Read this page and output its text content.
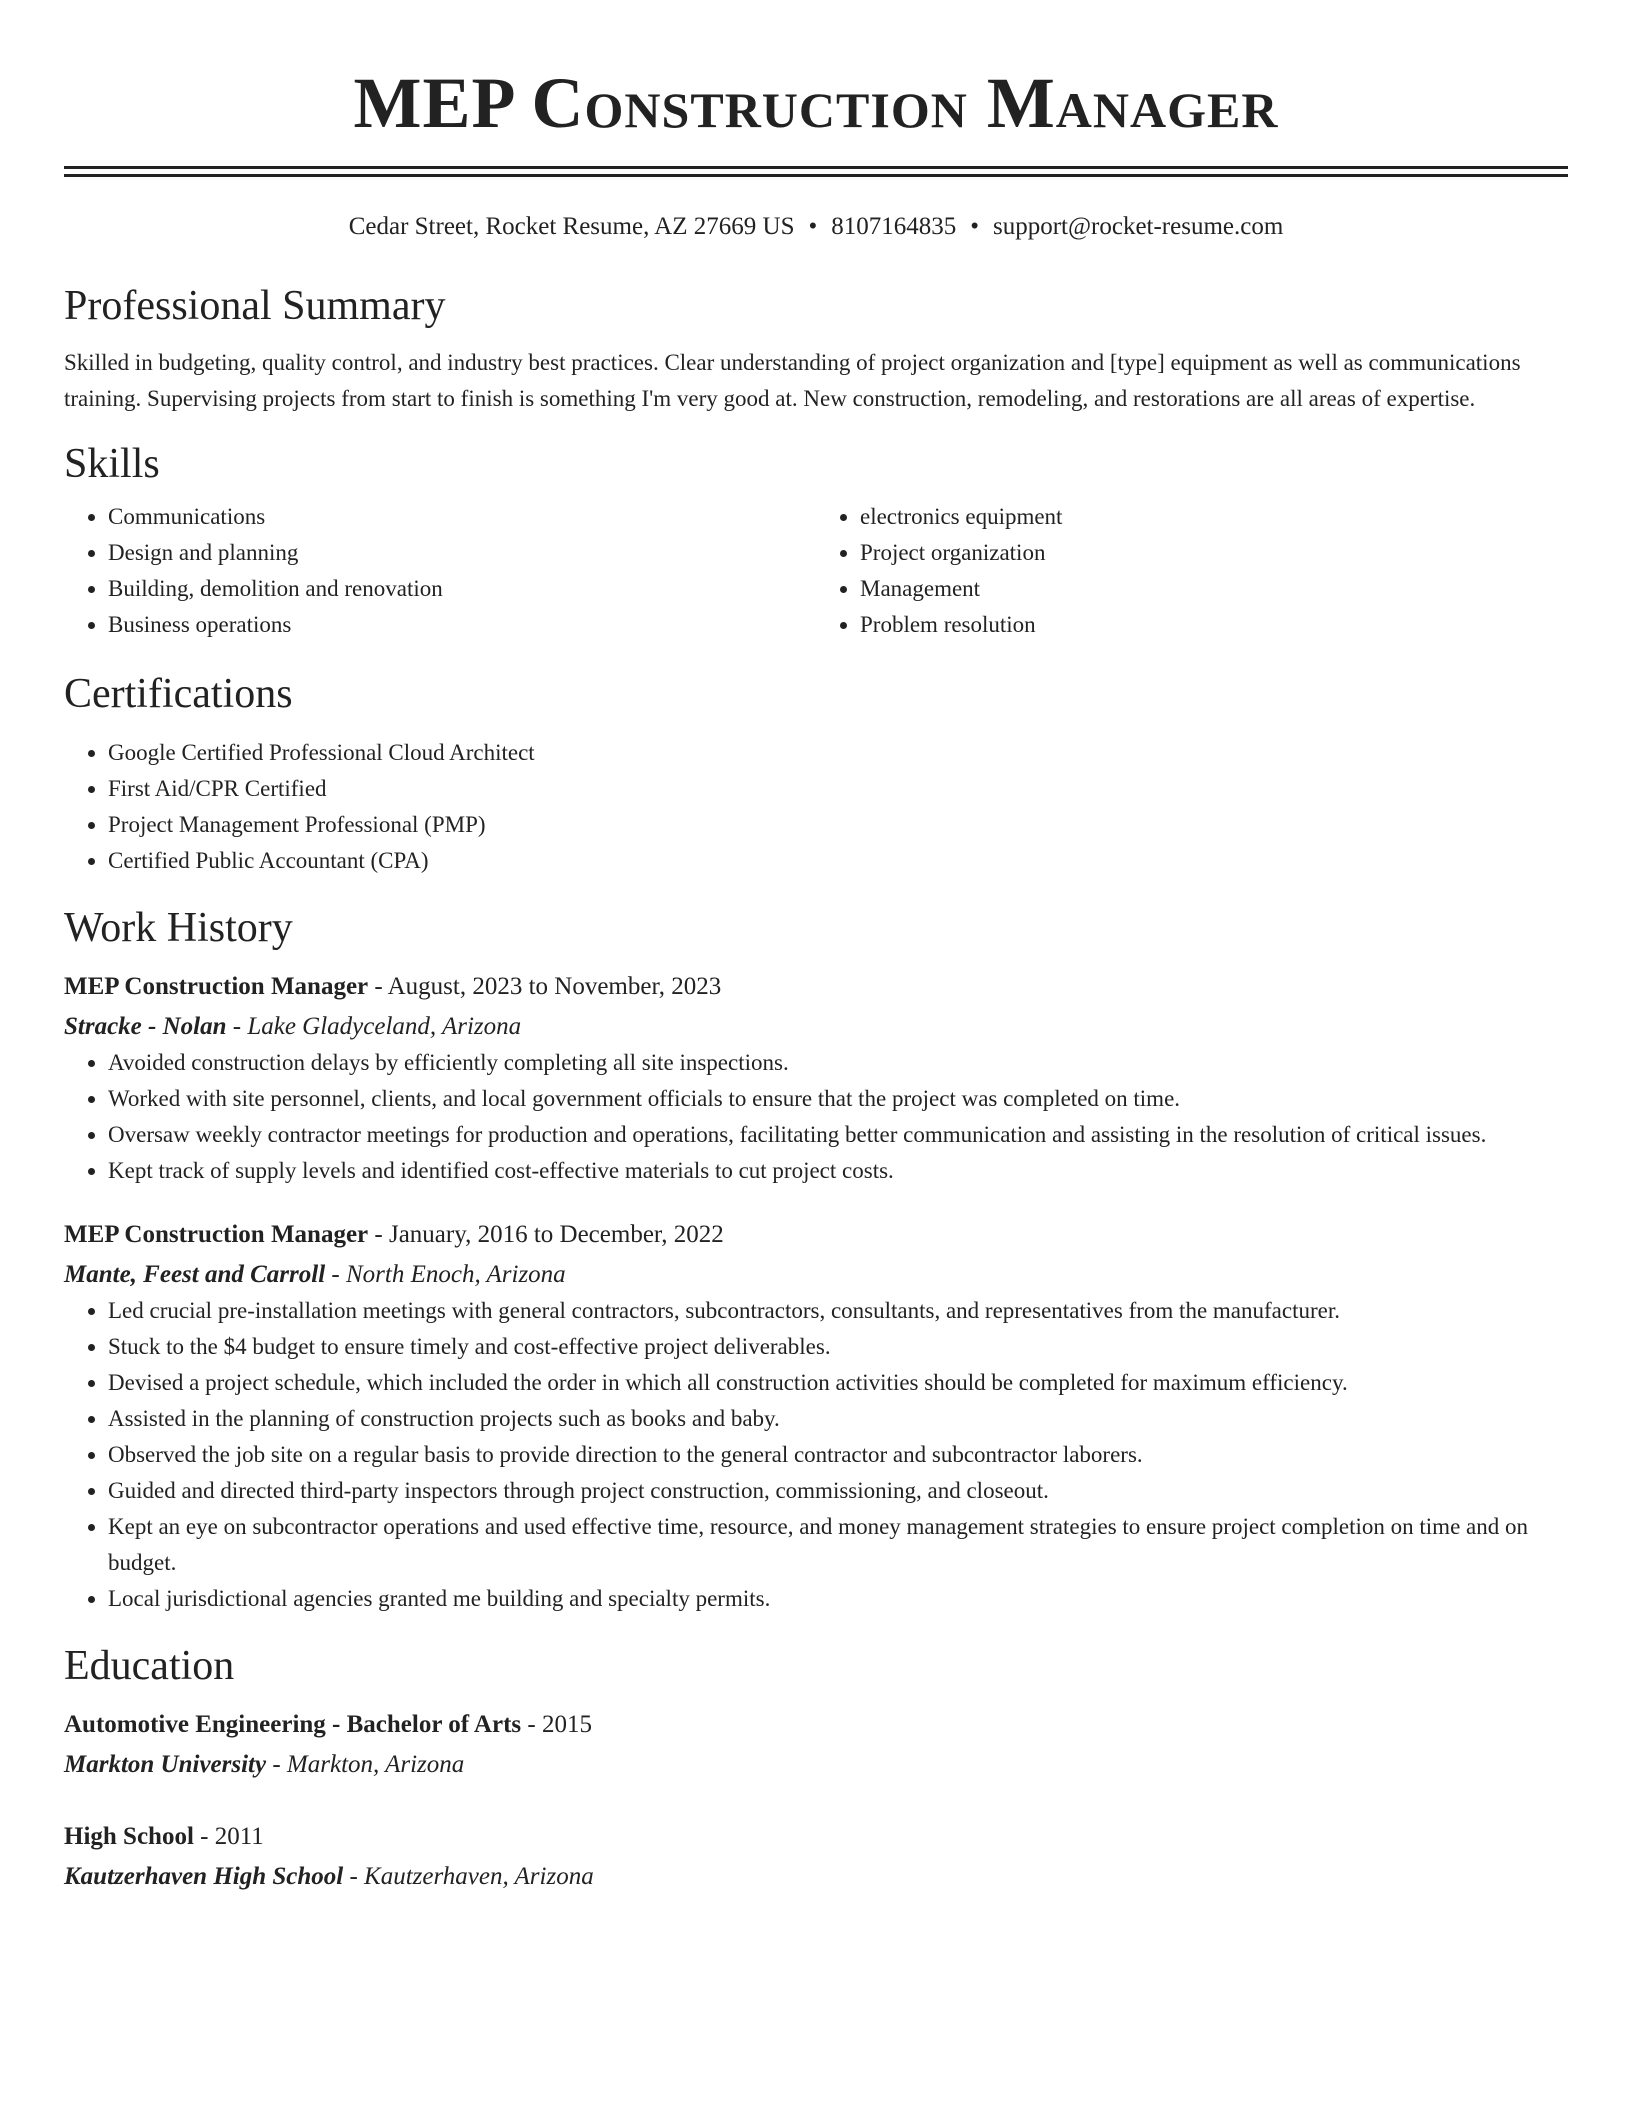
MEP Construction Manager
Cedar Street, Rocket Resume, AZ 27669 US • 8107164835 • support@rocket-resume.com
Professional Summary

Skilled in budgeting, quality control, and industry best practices. Clear understanding of project organization and [type] equipment as well as communications training. Supervising projects from start to finish is something I'm very good at. New construction, remodeling, and restorations are all areas of expertise.

Skills
• Communications
• Design and planning
• Building, demolition and renovation
• Business operations
• electronics equipment
• Project organization
• Management
• Problem resolution
Certifications
• Google Certified Professional Cloud Architect
• First Aid/CPR Certified
• Project Management Professional (PMP)
• Certified Public Accountant (CPA)
Work History
MEP Construction Manager - August, 2023 to November, 2023
Stracke - Nolan - Lake Gladyceland, Arizona
• Avoided construction delays by efficiently completing all site inspections.
• Worked with site personnel, clients, and local government officials to ensure that the project was completed on time.
• Oversaw weekly contractor meetings for production and operations, facilitating better communication and assisting in the resolution of critical issues.
• Kept track of supply levels and identified cost-effective materials to cut project costs.
MEP Construction Manager - January, 2016 to December, 2022
Mante, Feest and Carroll - North Enoch, Arizona
• Led crucial pre-installation meetings with general contractors, subcontractors, consultants, and representatives from the manufacturer.
• Stuck to the $4 budget to ensure timely and cost-effective project deliverables.
• Devised a project schedule, which included the order in which all construction activities should be completed for maximum efficiency.
• Assisted in the planning of construction projects such as books and baby.
• Observed the job site on a regular basis to provide direction to the general contractor and subcontractor laborers.
• Guided and directed third-party inspectors through project construction, commissioning, and closeout.
• Kept an eye on subcontractor operations and used effective time, resource, and money management strategies to ensure project completion on time and on budget.
• Local jurisdictional agencies granted me building and specialty permits.
Education
Automotive Engineering - Bachelor of Arts - 2015
Markton University - Markton, Arizona
High School - 2011
Kautzerhaven High School - Kautzerhaven, Arizona
